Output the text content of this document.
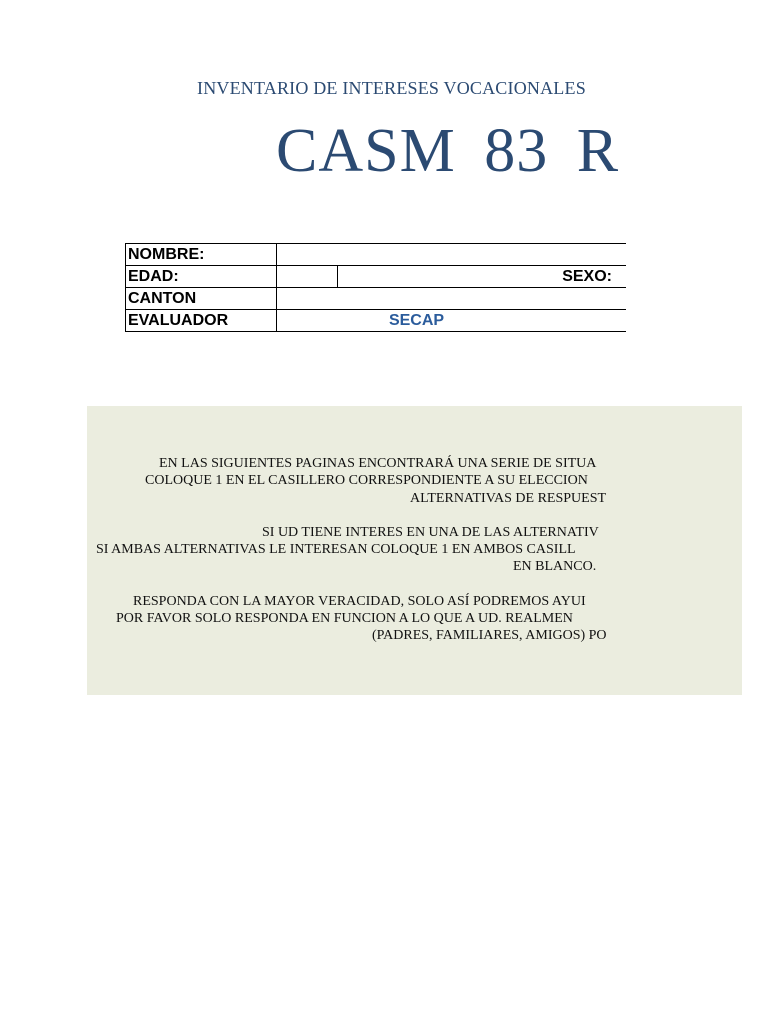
INVENTARIO DE INTERESES VOCACIONALES
CASM 83 R
NOMBRE:		
EDAD:		SEXO:
CANTON		
EVALUADOR	SECAP	
EN LAS SIGUIENTES PAGINAS ENCONTRARÁ UNA SERIE DE SITUA
COLOQUE 1 EN EL CASILLERO CORRESPONDIENTE A SU ELECCION
ALTERNATIVAS DE RESPUEST
SI UD TIENE INTERES EN UNA DE LAS ALTERNATIV
SI AMBAS ALTERNATIVAS LE INTERESAN COLOQUE 1 EN AMBOS CASILL
EN BLANCO.
RESPONDA CON LA MAYOR VERACIDAD, SOLO ASÍ PODREMOS AYUI
POR FAVOR SOLO RESPONDA EN FUNCION A LO QUE A UD. REALMEN
(PADRES, FAMILIARES, AMIGOS) PO
